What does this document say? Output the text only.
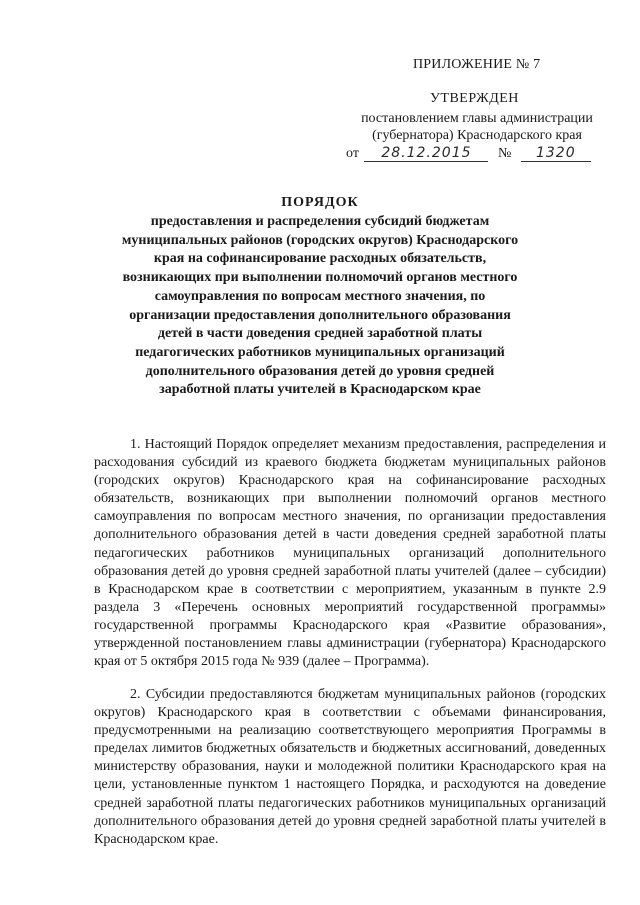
ПРИЛОЖЕНИЕ № 7
УТВЕРЖДЕН
постановлением главы администрации
(губернатора) Краснодарского края
от 28.12.2015 № 1320
ПОРЯДОК
предоставления и распределения субсидий бюджетам муниципальных районов (городских округов) Краснодарского края на софинансирование расходных обязательств, возникающих при выполнении полномочий органов местного самоуправления по вопросам местного значения, по организации предоставления дополнительного образования детей в части доведения средней заработной платы педагогических работников муниципальных организаций дополнительного образования детей до уровня средней заработной платы учителей в Краснодарском крае
1. Настоящий Порядок определяет механизм предоставления, распределения и расходования субсидий из краевого бюджета бюджетам муниципальных районов (городских округов) Краснодарского края на софинансирование расходных обязательств, возникающих при выполнении полномочий органов местного самоуправления по вопросам местного значения, по организации предоставления дополнительного образования детей в части доведения средней заработной платы педагогических работников муниципальных организаций дополнительного образования детей до уровня средней заработной платы учителей (далее – субсидии) в Краснодарском крае в соответствии с мероприятием, указанным в пункте 2.9 раздела 3 «Перечень основных мероприятий государственной программы» государственной программы Краснодарского края «Развитие образования», утвержденной постановлением главы администрации (губернатора) Краснодарского края от 5 октября 2015 года № 939 (далее – Программа).
2. Субсидии предоставляются бюджетам муниципальных районов (городских округов) Краснодарского края в соответствии с объемами финансирования, предусмотренными на реализацию соответствующего мероприятия Программы в пределах лимитов бюджетных обязательств и бюджетных ассигнований, доведенных министерству образования, науки и молодежной политики Краснодарского края на цели, установленные пунктом 1 настоящего Порядка, и расходуются на доведение средней заработной платы педагогических работников муниципальных организаций дополнительного образования детей до уровня средней заработной платы учителей в Краснодарском крае.
